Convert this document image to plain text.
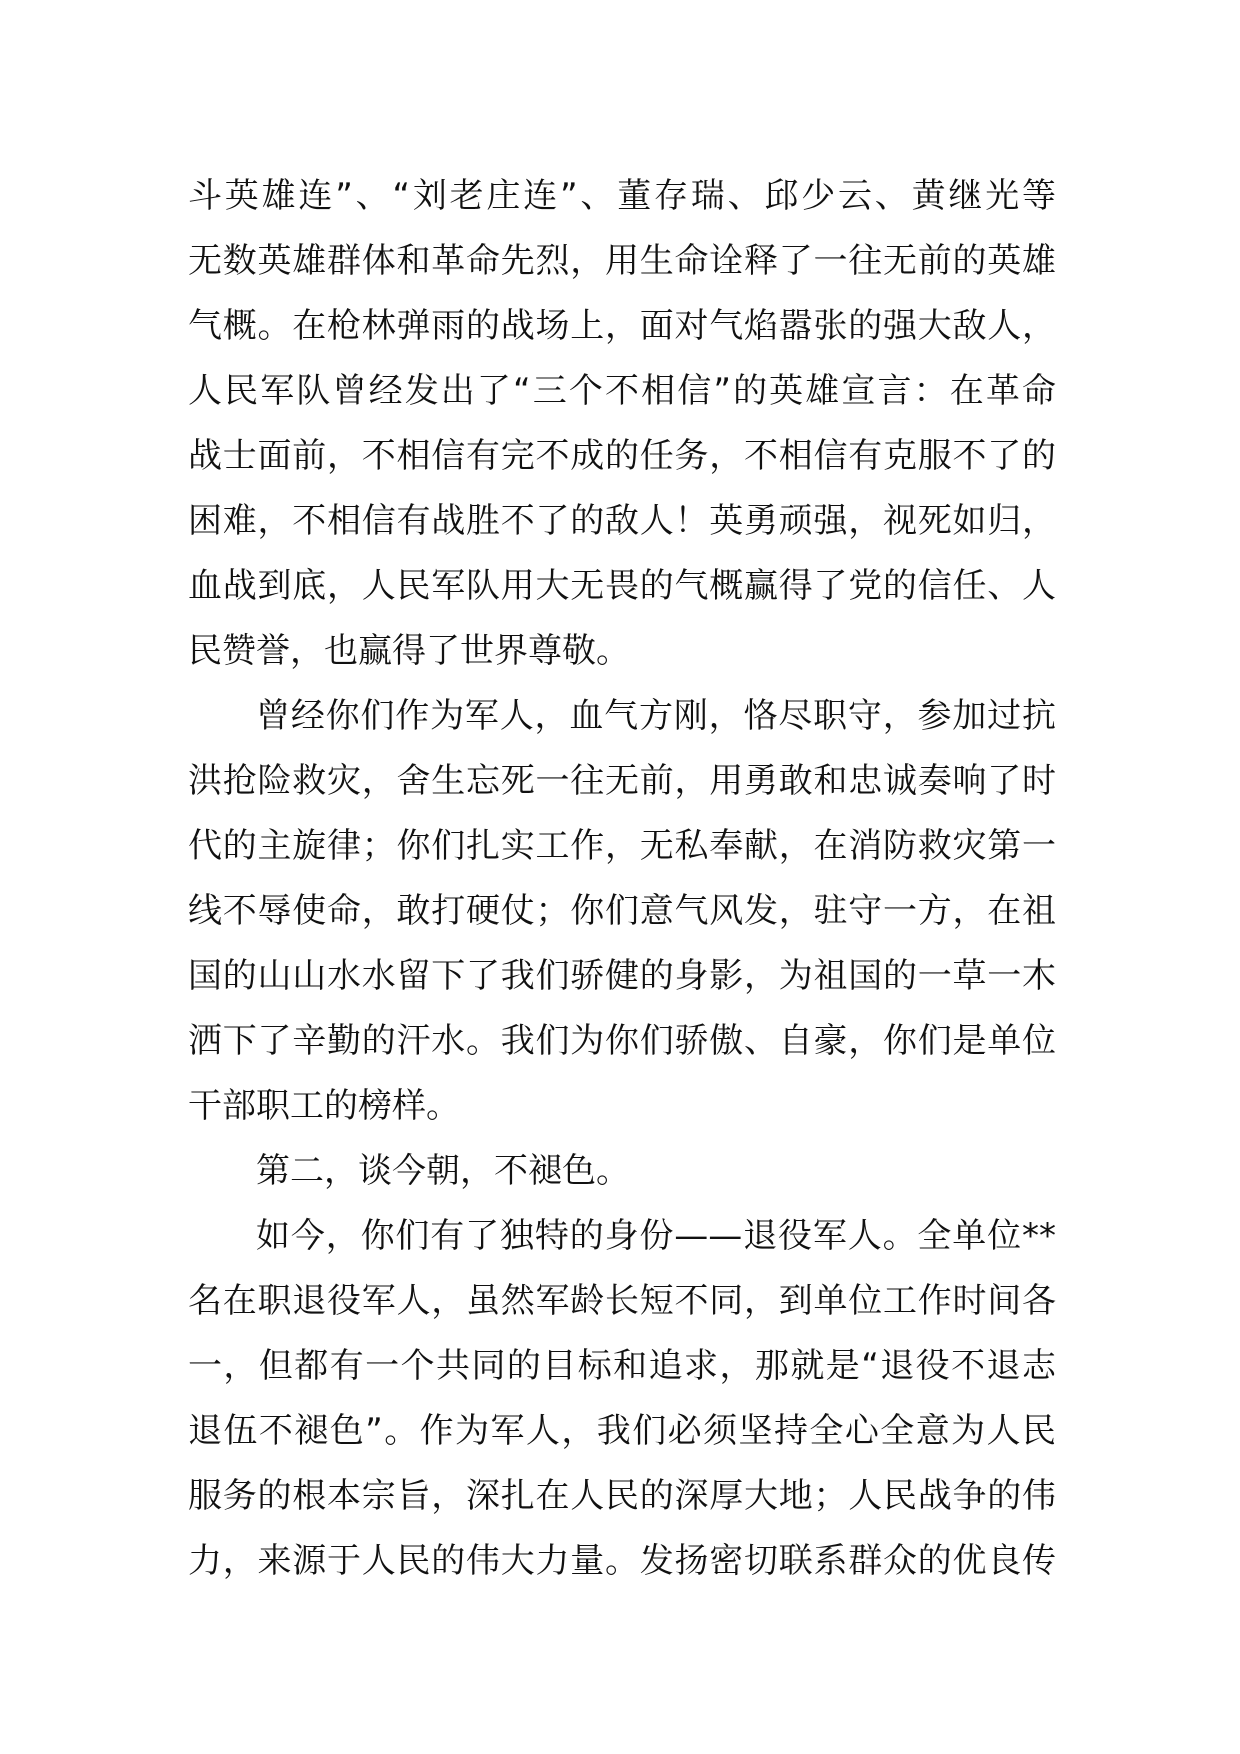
斗英雄连”、“刘老庄连”、董存瑞、邱少云、黄继光等
无数英雄群体和革命先烈，用生命诠释了一往无前的英雄
气概。在枪林弹雨的战场上，面对气焰嚣张的强大敌人，
人民军队曾经发出了“三个不相信”的英雄宣言：在革命
战士面前，不相信有完不成的任务，不相信有克服不了的
困难，不相信有战胜不了的敌人！英勇顽强，视死如归，
血战到底，人民军队用大无畏的气概赢得了党的信任、人
民赞誉，也赢得了世界尊敬。
曾经你们作为军人，血气方刚，恪尽职守，参加过抗
洪抢险救灾，舍生忘死一往无前，用勇敢和忠诚奏响了时
代的主旋律；你们扎实工作，无私奉献，在消防救灾第一
线不辱使命，敢打硬仗；你们意气风发，驻守一方，在祖
国的山山水水留下了我们骄健的身影，为祖国的一草一木
洒下了辛勤的汗水。我们为你们骄傲、自豪，你们是单位
干部职工的榜样。
第二，谈今朝，不褪色。
如今，你们有了独特的身份——退役军人。全单位**
名在职退役军人，虽然军龄长短不同，到单位工作时间各
一，但都有一个共同的目标和追求，那就是“退役不退志
退伍不褪色”。作为军人，我们必须坚持全心全意为人民
服务的根本宗旨，深扎在人民的深厚大地；人民战争的伟
力，来源于人民的伟大力量。发扬密切联系群众的优良传
